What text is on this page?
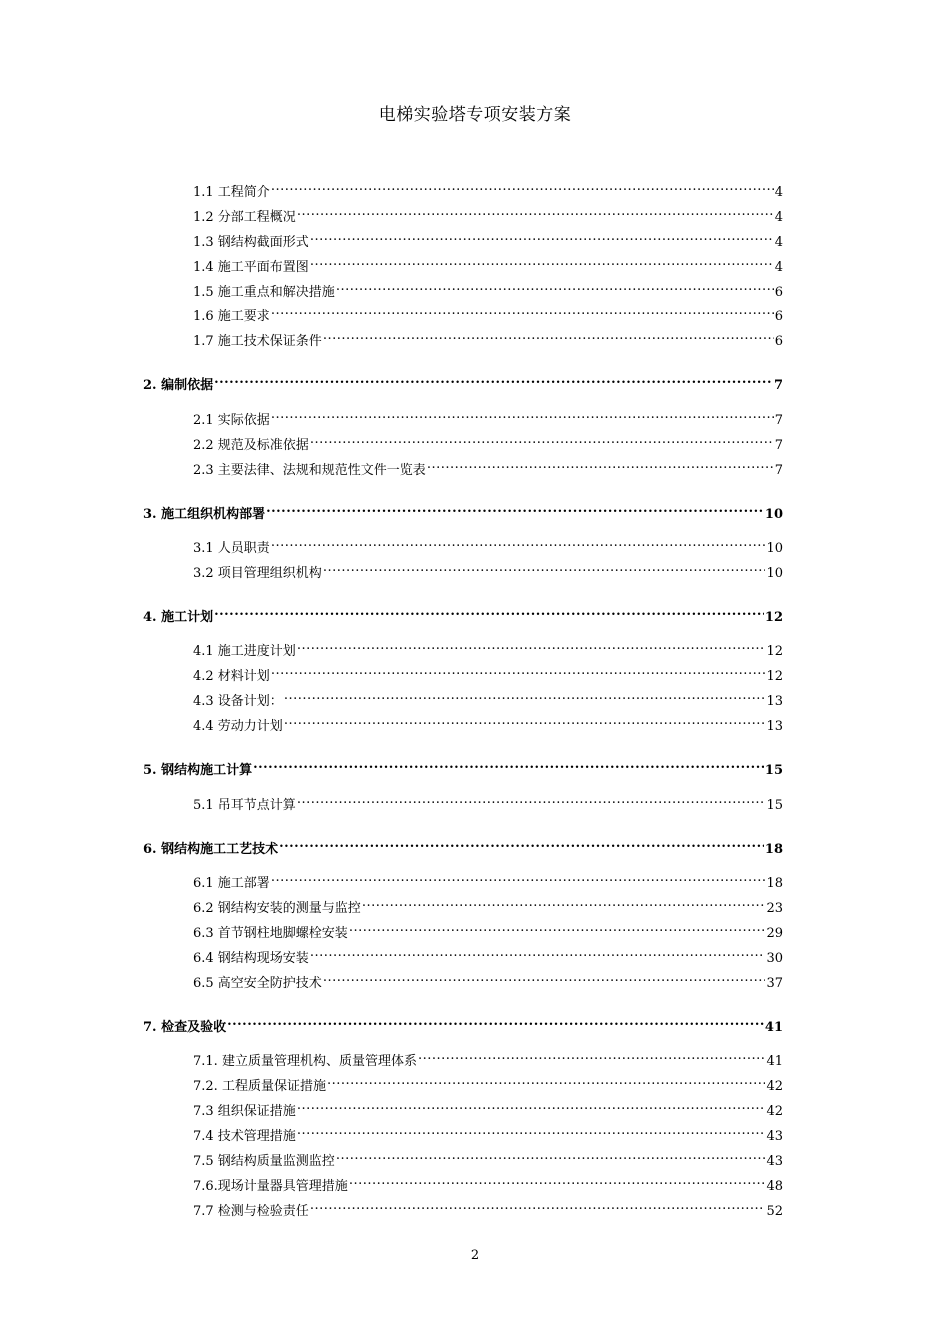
电梯实验塔专项安装方案
1.1 工程简介 .....	4
1.2 分部工程概况 .....	4
1.3 钢结构截面形式 .....	4
1.4 施工平面布置图 .....	4
1.5 施工重点和解决措施 .....	6
1.6 施工要求 .....	6
1.7 施工技术保证条件 .....	6
2. 编制依据 .....	7
2.1 实际依据 .....	7
2.2 规范及标准依据 .....	7
2.3 主要法律、法规和规范性文件一览表 .....	7
3. 施工组织机构部署 .....	10
3.1 人员职责 .....	10
3.2 项目管理组织机构 .....	10
4. 施工计划 .....	12
4.1 施工进度计划 .....	12
4.2 材料计划 .....	12
4.3 设备计划： .....	13
4.4 劳动力计划 .....	13
5. 钢结构施工计算 .....	15
5.1 吊耳节点计算 .....	15
6. 钢结构施工工艺技术 .....	18
6.1 施工部署 .....	18
6.2 钢结构安装的测量与监控 .....	23
6.3 首节钢柱地脚螺栓安装 .....	29
6.4 钢结构现场安装 .....	30
6.5 高空安全防护技术 .....	37
7. 检查及验收 .....	41
7.1. 建立质量管理机构、质量管理体系 .....	41
7.2. 工程质量保证措施 .....	42
7.3 组织保证措施 .....	42
7.4 技术管理措施 .....	43
7.5 钢结构质量监测监控 .....	43
7.6.现场计量器具管理措施 .....	48
7.7 检测与检验责任 .....	52
2
